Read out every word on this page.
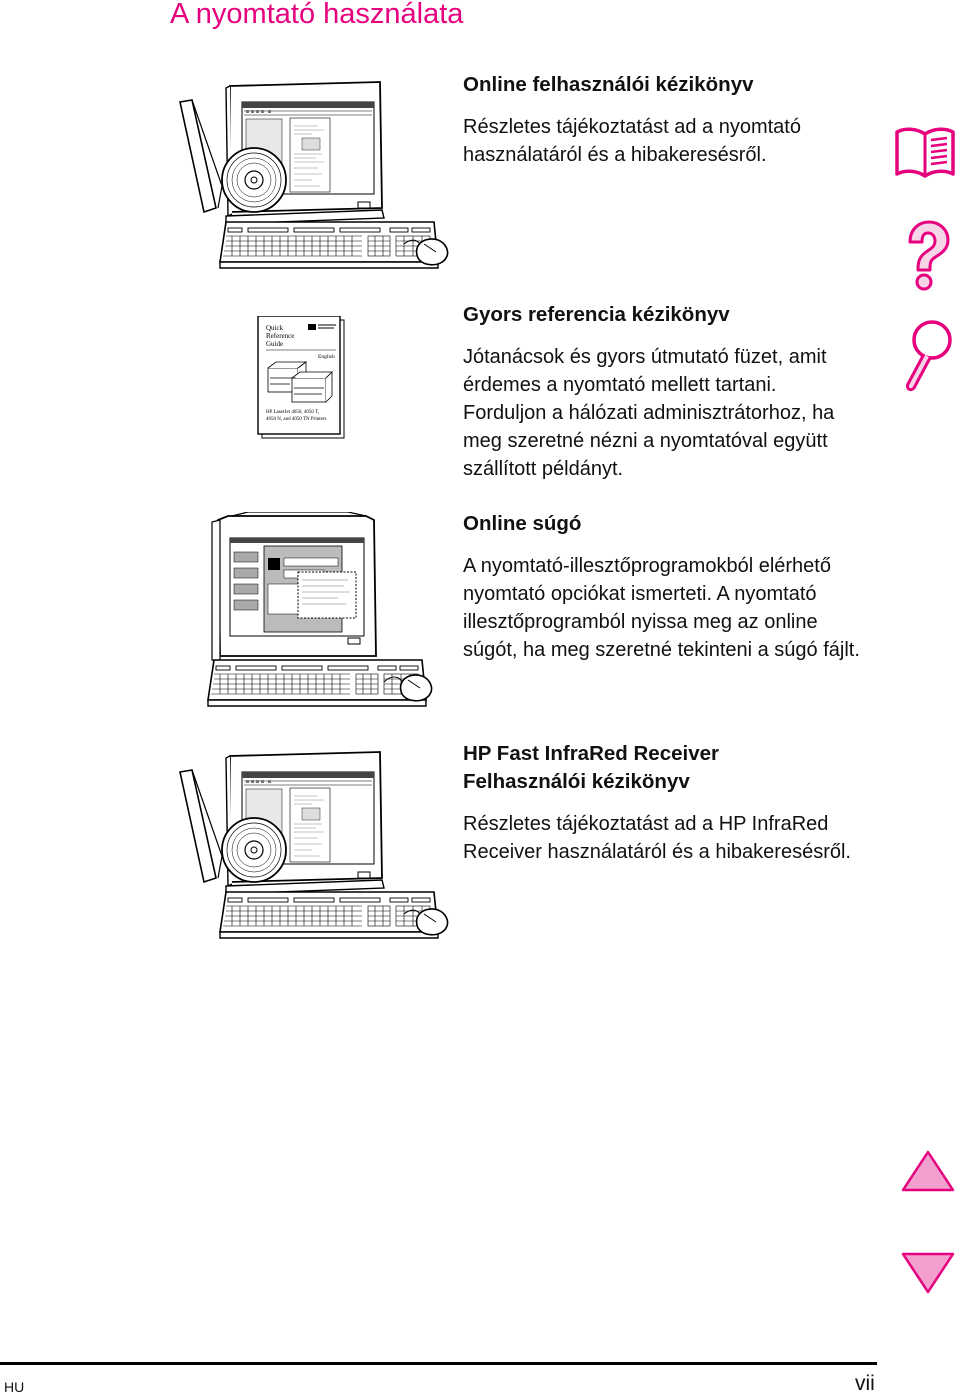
A nyomtató használata
Quick
Reference
Guide
English
HP LaserJet 4050, 4050 T,
4050 N, and 4050 TN Printers
Online felhasználói kézikönyv

Részletes tájékoztatást ad a nyomtató használatáról és a hibakeresésről.

Gyors referencia kézikönyv

Jótanácsok és gyors útmutató füzet, amit érdemes a nyomtató mellett tartani. Forduljon a hálózati adminisztrátorhoz, ha meg szeretné nézni a nyomtatóval együtt szállított példányt.

Online súgó

A nyomtató-illesztőprogramokból elérhető nyomtató opciókat ismerteti. A nyomtató illesztőprogramból nyissa meg az online súgót, ha meg szeretné tekinteni a súgó fájlt.

HP Fast InfraRed Receiver
Felhasználói kézikönyv

Részletes tájékoztatást ad a HP InfraRed Receiver használatáról és a hibakeresésről.

HU	vii
